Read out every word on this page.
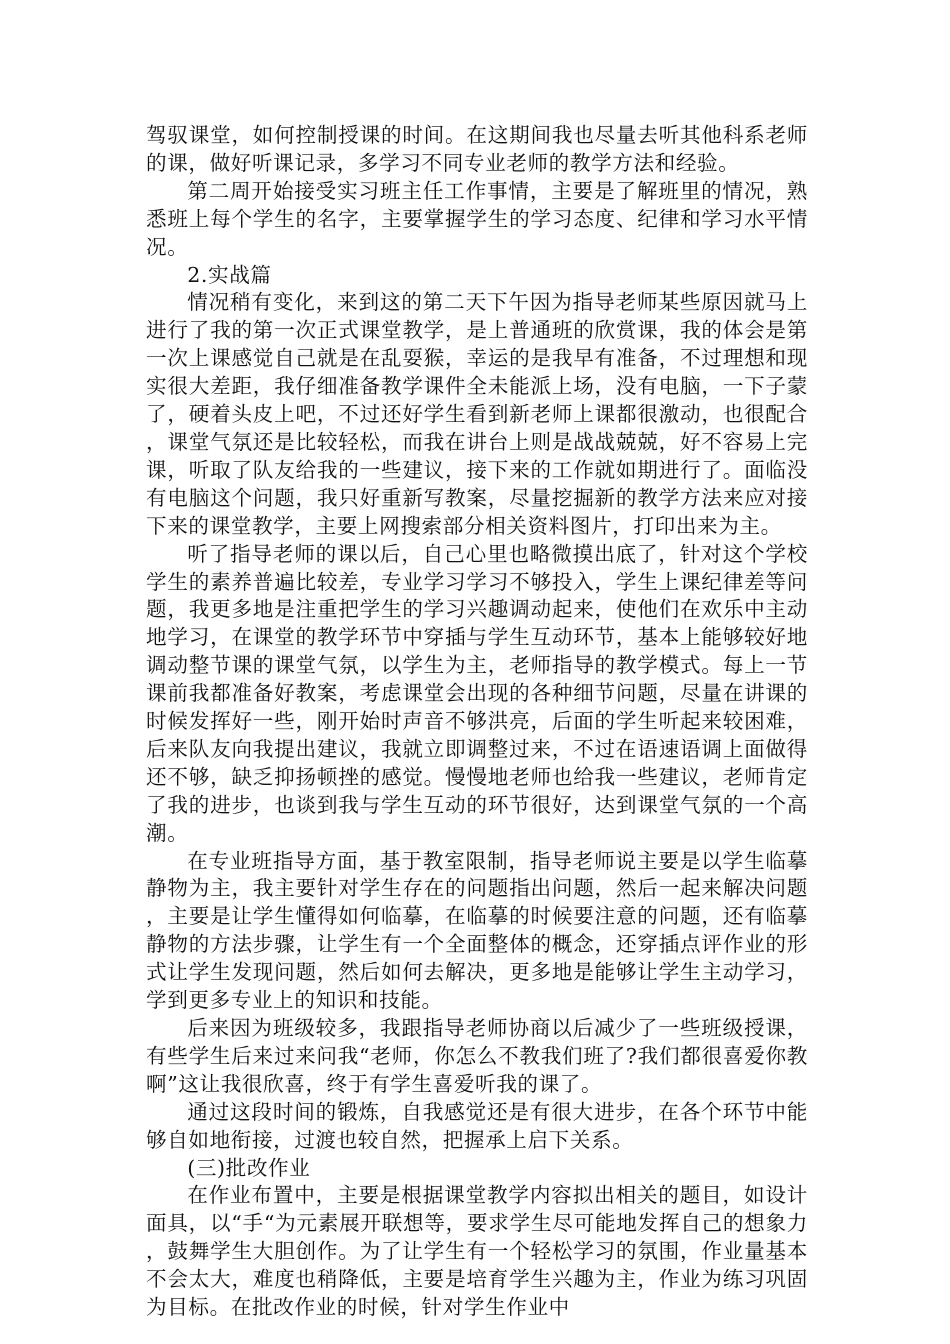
驾驭课堂，如何控制授课的时间。在这期间我也尽量去听其他科系老师的课，做好听课记录，多学习不同专业老师的教学方法和经验。

第二周开始接受实习班主任工作事情，主要是了解班里的情况，熟悉班上每个学生的名字，主要掌握学生的学习态度、纪律和学习水平情况。

2.实战篇

情况稍有变化，来到这的第二天下午因为指导老师某些原因就马上进行了我的第一次正式课堂教学，是上普通班的欣赏课，我的体会是第一次上课感觉自己就是在乱耍猴，幸运的是我早有准备，不过理想和现实很大差距，我仔细准备教学课件全未能派上场，没有电脑，一下子蒙了，硬着头皮上吧，不过还好学生看到新老师上课都很激动，也很配合，课堂气氛还是比较轻松，而我在讲台上则是战战兢兢，好不容易上完课，听取了队友给我的一些建议，接下来的工作就如期进行了。面临没有电脑这个问题，我只好重新写教案，尽量挖掘新的教学方法来应对接下来的课堂教学，主要上网搜索部分相关资料图片，打印出来为主。

听了指导老师的课以后，自己心里也略微摸出底了，针对这个学校学生的素养普遍比较差，专业学习学习不够投入，学生上课纪律差等问题，我更多地是注重把学生的学习兴趣调动起来，使他们在欢乐中主动地学习，在课堂的教学环节中穿插与学生互动环节，基本上能够较好地调动整节课的课堂气氛，以学生为主，老师指导的教学模式。每上一节课前我都准备好教案，考虑课堂会出现的各种细节问题，尽量在讲课的时候发挥好一些，刚开始时声音不够洪亮，后面的学生听起来较困难，后来队友向我提出建议，我就立即调整过来，不过在语速语调上面做得还不够，缺乏抑扬顿挫的感觉。慢慢地老师也给我一些建议，老师肯定了我的进步，也谈到我与学生互动的环节很好，达到课堂气氛的一个高潮。

在专业班指导方面，基于教室限制，指导老师说主要是以学生临摹静物为主，我主要针对学生存在的问题指出问题，然后一起来解决问题，主要是让学生懂得如何临摹，在临摹的时候要注意的问题，还有临摹静物的方法步骤，让学生有一个全面整体的概念，还穿插点评作业的形式让学生发现问题，然后如何去解决，更多地是能够让学生主动学习，学到更多专业上的知识和技能。

后来因为班级较多，我跟指导老师协商以后减少了一些班级授课，有些学生后来过来问我“老师，你怎么不教我们班了?我们都很喜爱你教啊”这让我很欣喜，终于有学生喜爱听我的课了。

通过这段时间的锻炼，自我感觉还是有很大进步，在各个环节中能够自如地衔接，过渡也较自然，把握承上启下关系。

(三)批改作业

在作业布置中，主要是根据课堂教学内容拟出相关的题目，如设计面具，以“手“为元素展开联想等，要求学生尽可能地发挥自己的想象力，鼓舞学生大胆创作。为了让学生有一个轻松学习的氛围，作业量基本不会太大，难度也稍降低，主要是培育学生兴趣为主，作业为练习巩固为目标。在批改作业的时候，针对学生作业中
